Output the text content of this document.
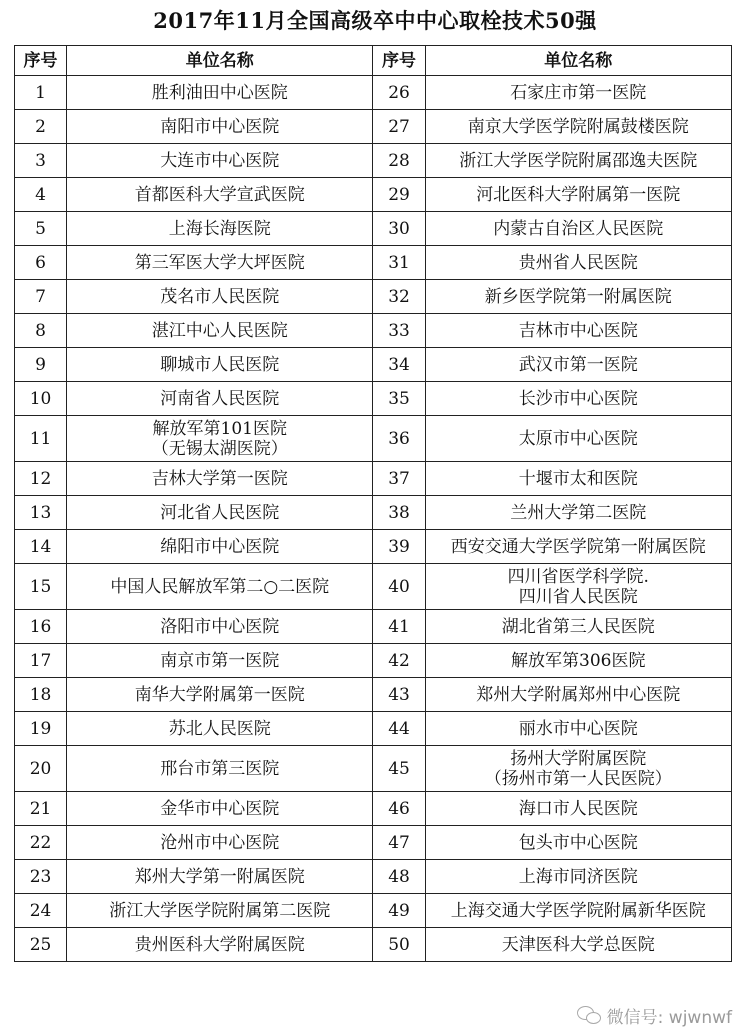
2017年11月全国高级卒中中心取栓技术50强
序号	单位名称	序号	单位名称
1	胜利油田中心医院	26	石家庄市第一医院

2	南阳市中心医院	27	南京大学医学院附属鼓楼医院

3	大连市中心医院	28	浙江大学医学院附属邵逸夫医院

4	首都医科大学宣武医院	29	河北医科大学附属第一医院

5	上海长海医院	30	内蒙古自治区人民医院

6	第三军医大学大坪医院	31	贵州省人民医院

7	茂名市人民医院	32	新乡医学院第一附属医院

8	湛江中心人民医院	33	吉林市中心医院

9	聊城市人民医院	34	武汉市第一医院

10	河南省人民医院	35	长沙市中心医院

11	解放军第101医院
（无锡太湖医院）	36	太原市中心医院

12	吉林大学第一医院	37	十堰市太和医院

13	河北省人民医院	38	兰州大学第二医院

14	绵阳市中心医院	39	西安交通大学医学院第一附属医院

15	中国人民解放军第二○二医院	40	四川省医学科学院.
四川省人民医院

16	洛阳市中心医院	41	湖北省第三人民医院

17	南京市第一医院	42	解放军第306医院

18	南华大学附属第一医院	43	郑州大学附属郑州中心医院

19	苏北人民医院	44	丽水市中心医院

20	邢台市第三医院	45	扬州大学附属医院
（扬州市第一人民医院）

21	金华市中心医院	46	海口市人民医院

22	沧州市中心医院	47	包头市中心医院

23	郑州大学第一附属医院	48	上海市同济医院

24	浙江大学医学院附属第二医院	49	上海交通大学医学院附属新华医院

25	贵州医科大学附属医院	50	天津医科大学总医院
微信号: wjwnwf
